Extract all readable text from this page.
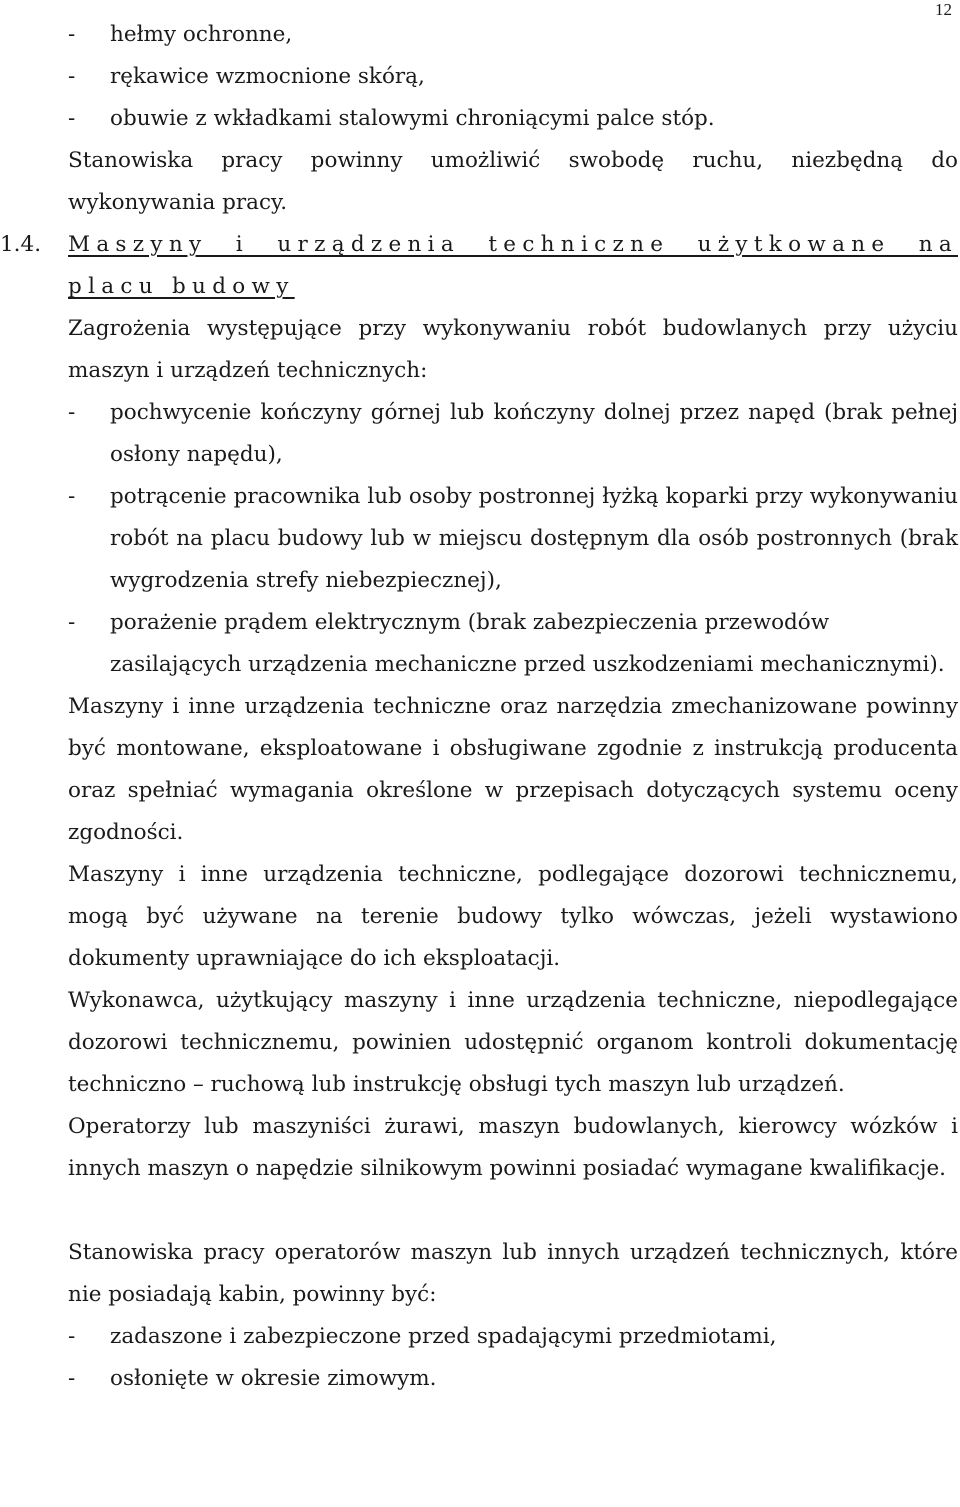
12
- hełmy ochronne,
- rękawice wzmocnione skórą,
- obuwie z wkładkami stalowymi chroniącymi palce stóp.
Stanowiska pracy powinny umożliwić swobodę ruchu, niezbędną do wykonywania pracy.
1.4. Maszyny i urządzenia techniczne użytkowane na placu budowy
Zagrożenia występujące przy wykonywaniu robót budowlanych przy użyciu maszyn i urządzeń technicznych:
- pochwycenie kończyny górnej lub kończyny dolnej przez napęd (brak pełnej osłony napędu),
- potrącenie pracownika lub osoby postronnej łyżką koparki przy wykonywaniu robót na placu budowy lub w miejscu dostępnym dla osób postronnych (brak wygrodzenia strefy niebezpiecznej),
- porażenie prądem elektrycznym (brak zabezpieczenia przewodów zasilających urządzenia mechaniczne przed uszkodzeniami mechanicznymi).
Maszyny i inne urządzenia techniczne oraz narzędzia zmechanizowane powinny być montowane, eksploatowane i obsługiwane zgodnie z instrukcją producenta oraz spełniać wymagania określone w przepisach dotyczących systemu oceny zgodności.
Maszyny i inne urządzenia techniczne, podlegające dozorowi technicznemu, mogą być używane na terenie budowy tylko wówczas, jeżeli wystawiono dokumenty uprawniające do ich eksploatacji.
Wykonawca, użytkujący maszyny i inne urządzenia techniczne, niepodlegające dozorowi technicznemu, powinien udostępnić organom kontroli dokumentację techniczno – ruchową lub instrukcję obsługi tych maszyn lub urządzeń.
Operatorzy lub maszyniści żurawi, maszyn budowlanych, kierowcy wózków i innych maszyn o napędzie silnikowym powinni posiadać wymagane kwalifikacje.
Stanowiska pracy operatorów maszyn lub innych urządzeń technicznych, które nie posiadają kabin, powinny być:
- zadaszone i zabezpieczone przed spadającymi przedmiotami,
- osłonięte w okresie zimowym.
